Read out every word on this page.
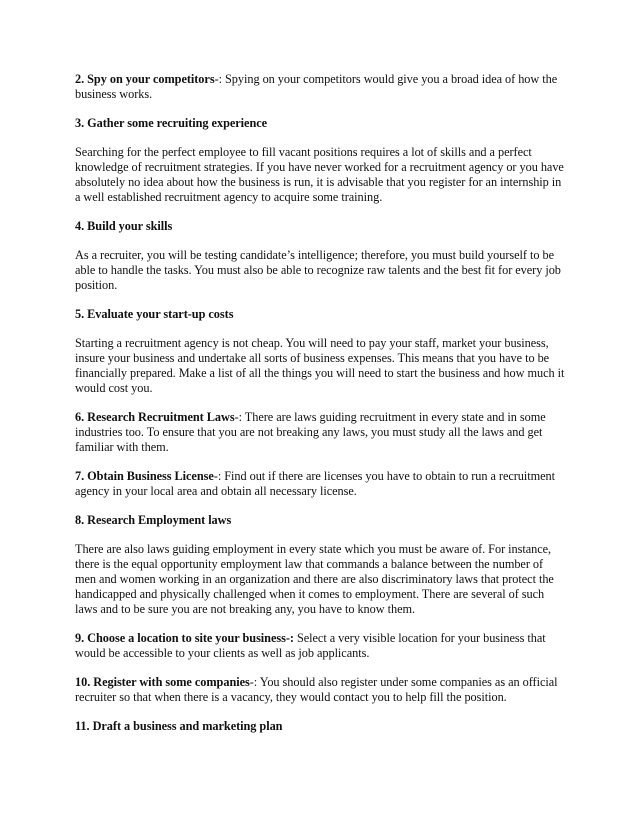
2. Spy on your competitors-: Spying on your competitors would give you a broad idea of how the business works.

3. Gather some recruiting experience

Searching for the perfect employee to fill vacant positions requires a lot of skills and a perfect knowledge of recruitment strategies. If you have never worked for a recruitment agency or you have absolutely no idea about how the business is run, it is advisable that you register for an internship in a well established recruitment agency to acquire some training.

4. Build your skills

As a recruiter, you will be testing candidate’s intelligence; therefore, you must build yourself to be able to handle the tasks. You must also be able to recognize raw talents and the best fit for every job position.

5. Evaluate your start-up costs

Starting a recruitment agency is not cheap. You will need to pay your staff, market your business, insure your business and undertake all sorts of business expenses. This means that you have to be financially prepared. Make a list of all the things you will need to start the business and how much it would cost you.

6. Research Recruitment Laws-: There are laws guiding recruitment in every state and in some industries too. To ensure that you are not breaking any laws, you must study all the laws and get familiar with them.

7. Obtain Business License-: Find out if there are licenses you have to obtain to run a recruitment agency in your local area and obtain all necessary license.

8. Research Employment laws

There are also laws guiding employment in every state which you must be aware of. For instance, there is the equal opportunity employment law that commands a balance between the number of men and women working in an organization and there are also discriminatory laws that protect the handicapped and physically challenged when it comes to employment. There are several of such laws and to be sure you are not breaking any, you have to know them.

9. Choose a location to site your business-: Select a very visible location for your business that would be accessible to your clients as well as job applicants.

10. Register with some companies-: You should also register under some companies as an official recruiter so that when there is a vacancy, they would contact you to help fill the position.

11. Draft a business and marketing plan
